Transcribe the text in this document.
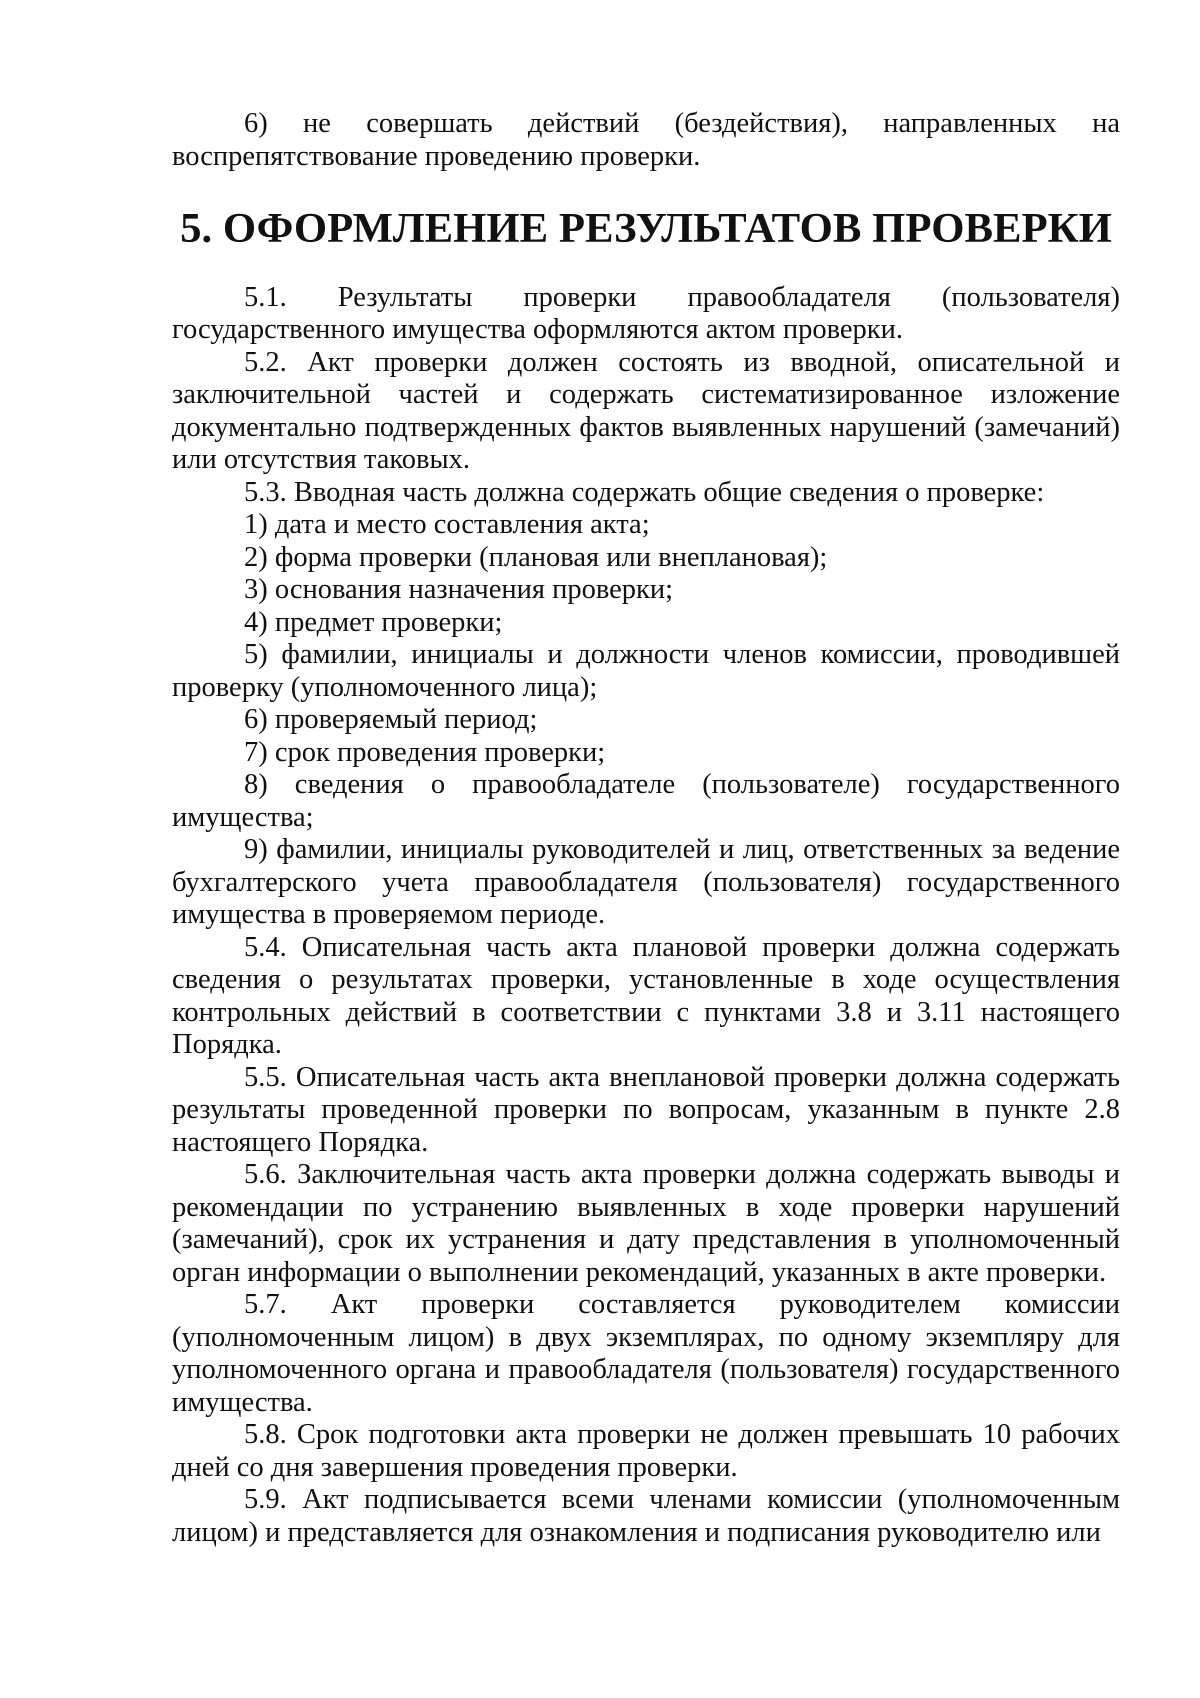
6) не совершать действий (бездействия), направленных на воспрепятствование проведению проверки.

5. ОФОРМЛЕНИЕ РЕЗУЛЬТАТОВ ПРОВЕРКИ

5.1. Результаты проверки правообладателя (пользователя) государственного имущества оформляются актом проверки.

5.2. Акт проверки должен состоять из вводной, описательной и заключительной частей и содержать систематизированное изложение документально подтвержденных фактов выявленных нарушений (замечаний) или отсутствия таковых.

5.3. Вводная часть должна содержать общие сведения о проверке:

1) дата и место составления акта;

2) форма проверки (плановая или внеплановая);

3) основания назначения проверки;

4) предмет проверки;

5) фамилии, инициалы и должности членов комиссии, проводившей проверку (уполномоченного лица);

6) проверяемый период;

7) срок проведения проверки;

8) сведения о правообладателе (пользователе) государственного имущества;

9) фамилии, инициалы руководителей и лиц, ответственных за ведение бухгалтерского учета правообладателя (пользователя) государственного имущества в проверяемом периоде.

5.4. Описательная часть акта плановой проверки должна содержать сведения о результатах проверки, установленные в ходе осуществления контрольных действий в соответствии с пунктами 3.8 и 3.11 настоящего Порядка.

5.5. Описательная часть акта внеплановой проверки должна содержать результаты проведенной проверки по вопросам, указанным в пункте 2.8 настоящего Порядка.

5.6. Заключительная часть акта проверки должна содержать выводы и рекомендации по устранению выявленных в ходе проверки нарушений (замечаний), срок их устранения и дату представления в уполномоченный орган информации о выполнении рекомендаций, указанных в акте проверки.

5.7. Акт проверки составляется руководителем комиссии (уполномоченным лицом) в двух экземплярах, по одному экземпляру для уполномоченного органа и правообладателя (пользователя) государственного имущества.

5.8. Срок подготовки акта проверки не должен превышать 10 рабочих дней со дня завершения проведения проверки.

5.9. Акт подписывается всеми членами комиссии (уполномоченным лицом) и представляется для ознакомления и подписания руководителю или
